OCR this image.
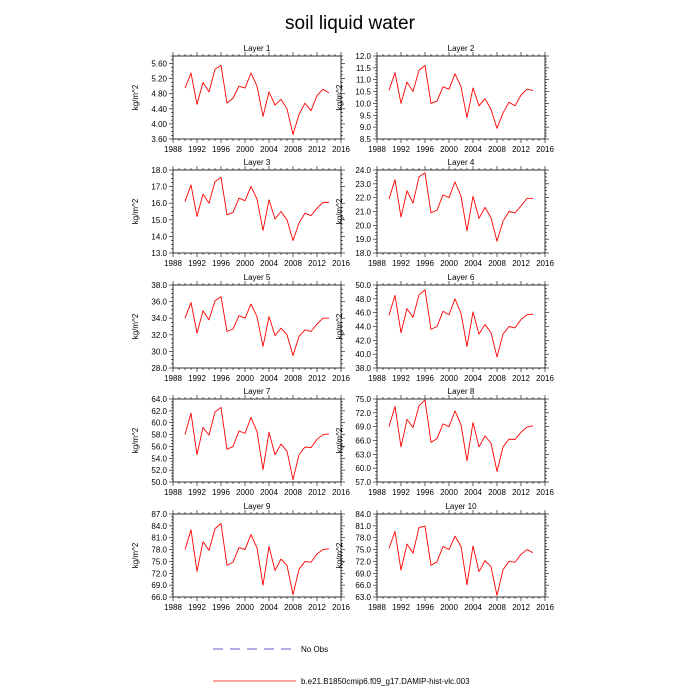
soil liquid water
1988 1992 1996 2000 2004 2008 2012 2016
3.60
4.00
4.40
4.80
5.20
5.60
Layer 1
kg/m^2
1988 1992 1996 2000 2004 2008 2012 2016
8.5
9.0
9.5
10.0
10.5
11.0
11.5
12.0
Layer 2
kg/m^2
1988 1992 1996 2000 2004 2008 2012 2016
13.0
14.0
15.0
16.0
17.0
18.0
Layer 3
kg/m^2
1988 1992 1996 2000 2004 2008 2012 2016
18.0
19.0
20.0
21.0
22.0
23.0
24.0
Layer 4
kg/m^2
1988 1992 1996 2000 2004 2008 2012 2016
28.0
30.0
32.0
34.0
36.0
38.0
Layer 5
kg/m^2
1988 1992 1996 2000 2004 2008 2012 2016
38.0
40.0
42.0
44.0
46.0
48.0
50.0
Layer 6
kg/m^2
1988 1992 1996 2000 2004 2008 2012 2016
50.0
52.0
54.0
56.0
58.0
60.0
62.0
64.0
Layer 7
kg/m^2
1988 1992 1996 2000 2004 2008 2012 2016
57.0
60.0
63.0
66.0
69.0
72.0
75.0
Layer 8
kg/m^2
1988 1992 1996 2000 2004 2008 2012 2016
66.0
69.0
72.0
75.0
78.0
81.0
84.0
87.0
Layer 9
kg/m^2
1988 1992 1996 2000 2004 2008 2012 2016
63.0
66.0
69.0
72.0
75.0
78.0
81.0
84.0
Layer 10
kg/m^2
No Obs
b.e21.B1850cmip6.f09_g17.DAMIP-hist-vlc.003
